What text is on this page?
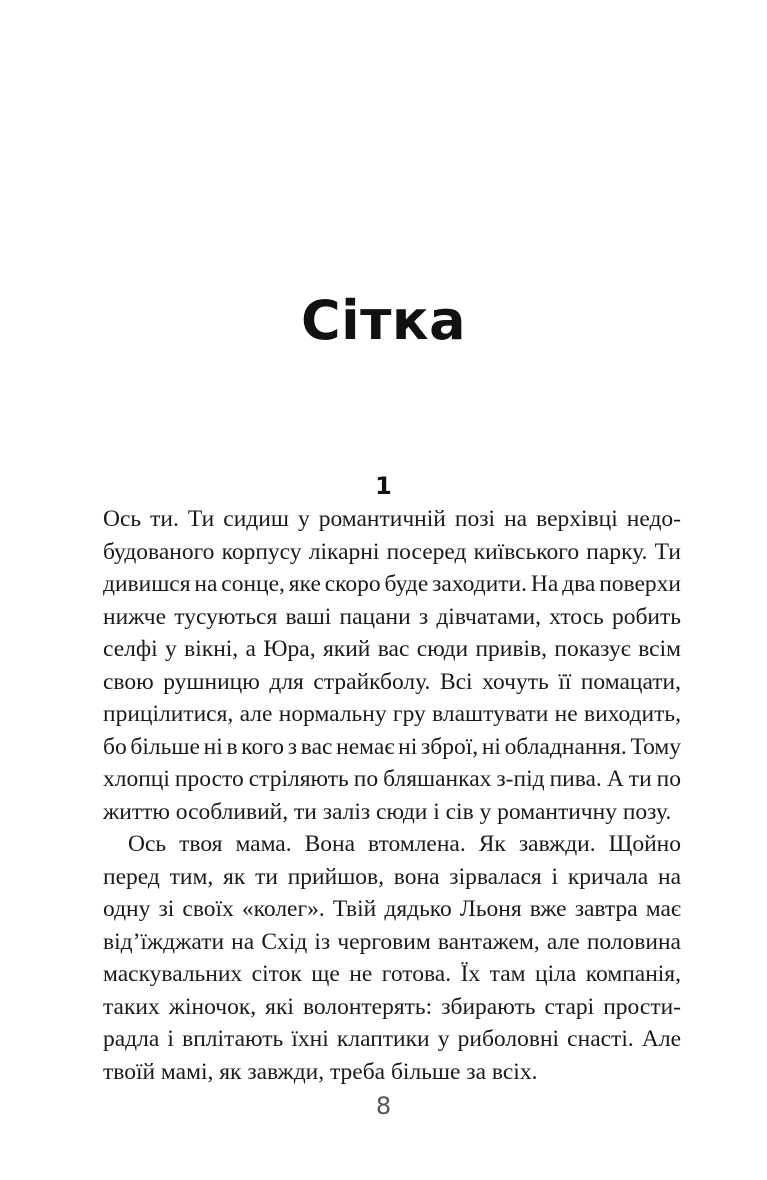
Сітка
1

Ось ти. Ти сидиш у романтичній позі на верхівці недо-
будованого корпусу лікарні посеред київського парку. Ти
дивишся на сонце, яке скоро буде заходити. На два поверхи
нижче тусуються ваші пацани з дівчатами, хтось робить
селфі у вікні, а Юра, який вас сюди привів, показує всім
свою рушницю для страйкболу. Всі хочуть її помацати,
прицілитися, але нормальну гру влаштувати не виходить,
бо більше ні в кого з вас немає ні зброї, ні обладнання. Тому
хлопці просто стріляють по бляшанках з-під пива. А ти по
життю особливий, ти заліз сюди і сів у романтичну позу.

Ось твоя мама. Вона втомлена. Як завжди. Щойно
перед тим, як ти прийшов, вона зірвалася і кричала на
одну зі своїх «колег». Твій дядько Льоня вже завтра має
від’їжджати на Схід із черговим вантажем, але половина
маскувальних сіток ще не готова. Їх там ціла компанія,
таких жіночок, які волонтерять: збирають старі прости-
радла і вплітають їхні клаптики у риболовні снасті. Але
твоїй мамі, як завжди, треба більше за всіх.

8
